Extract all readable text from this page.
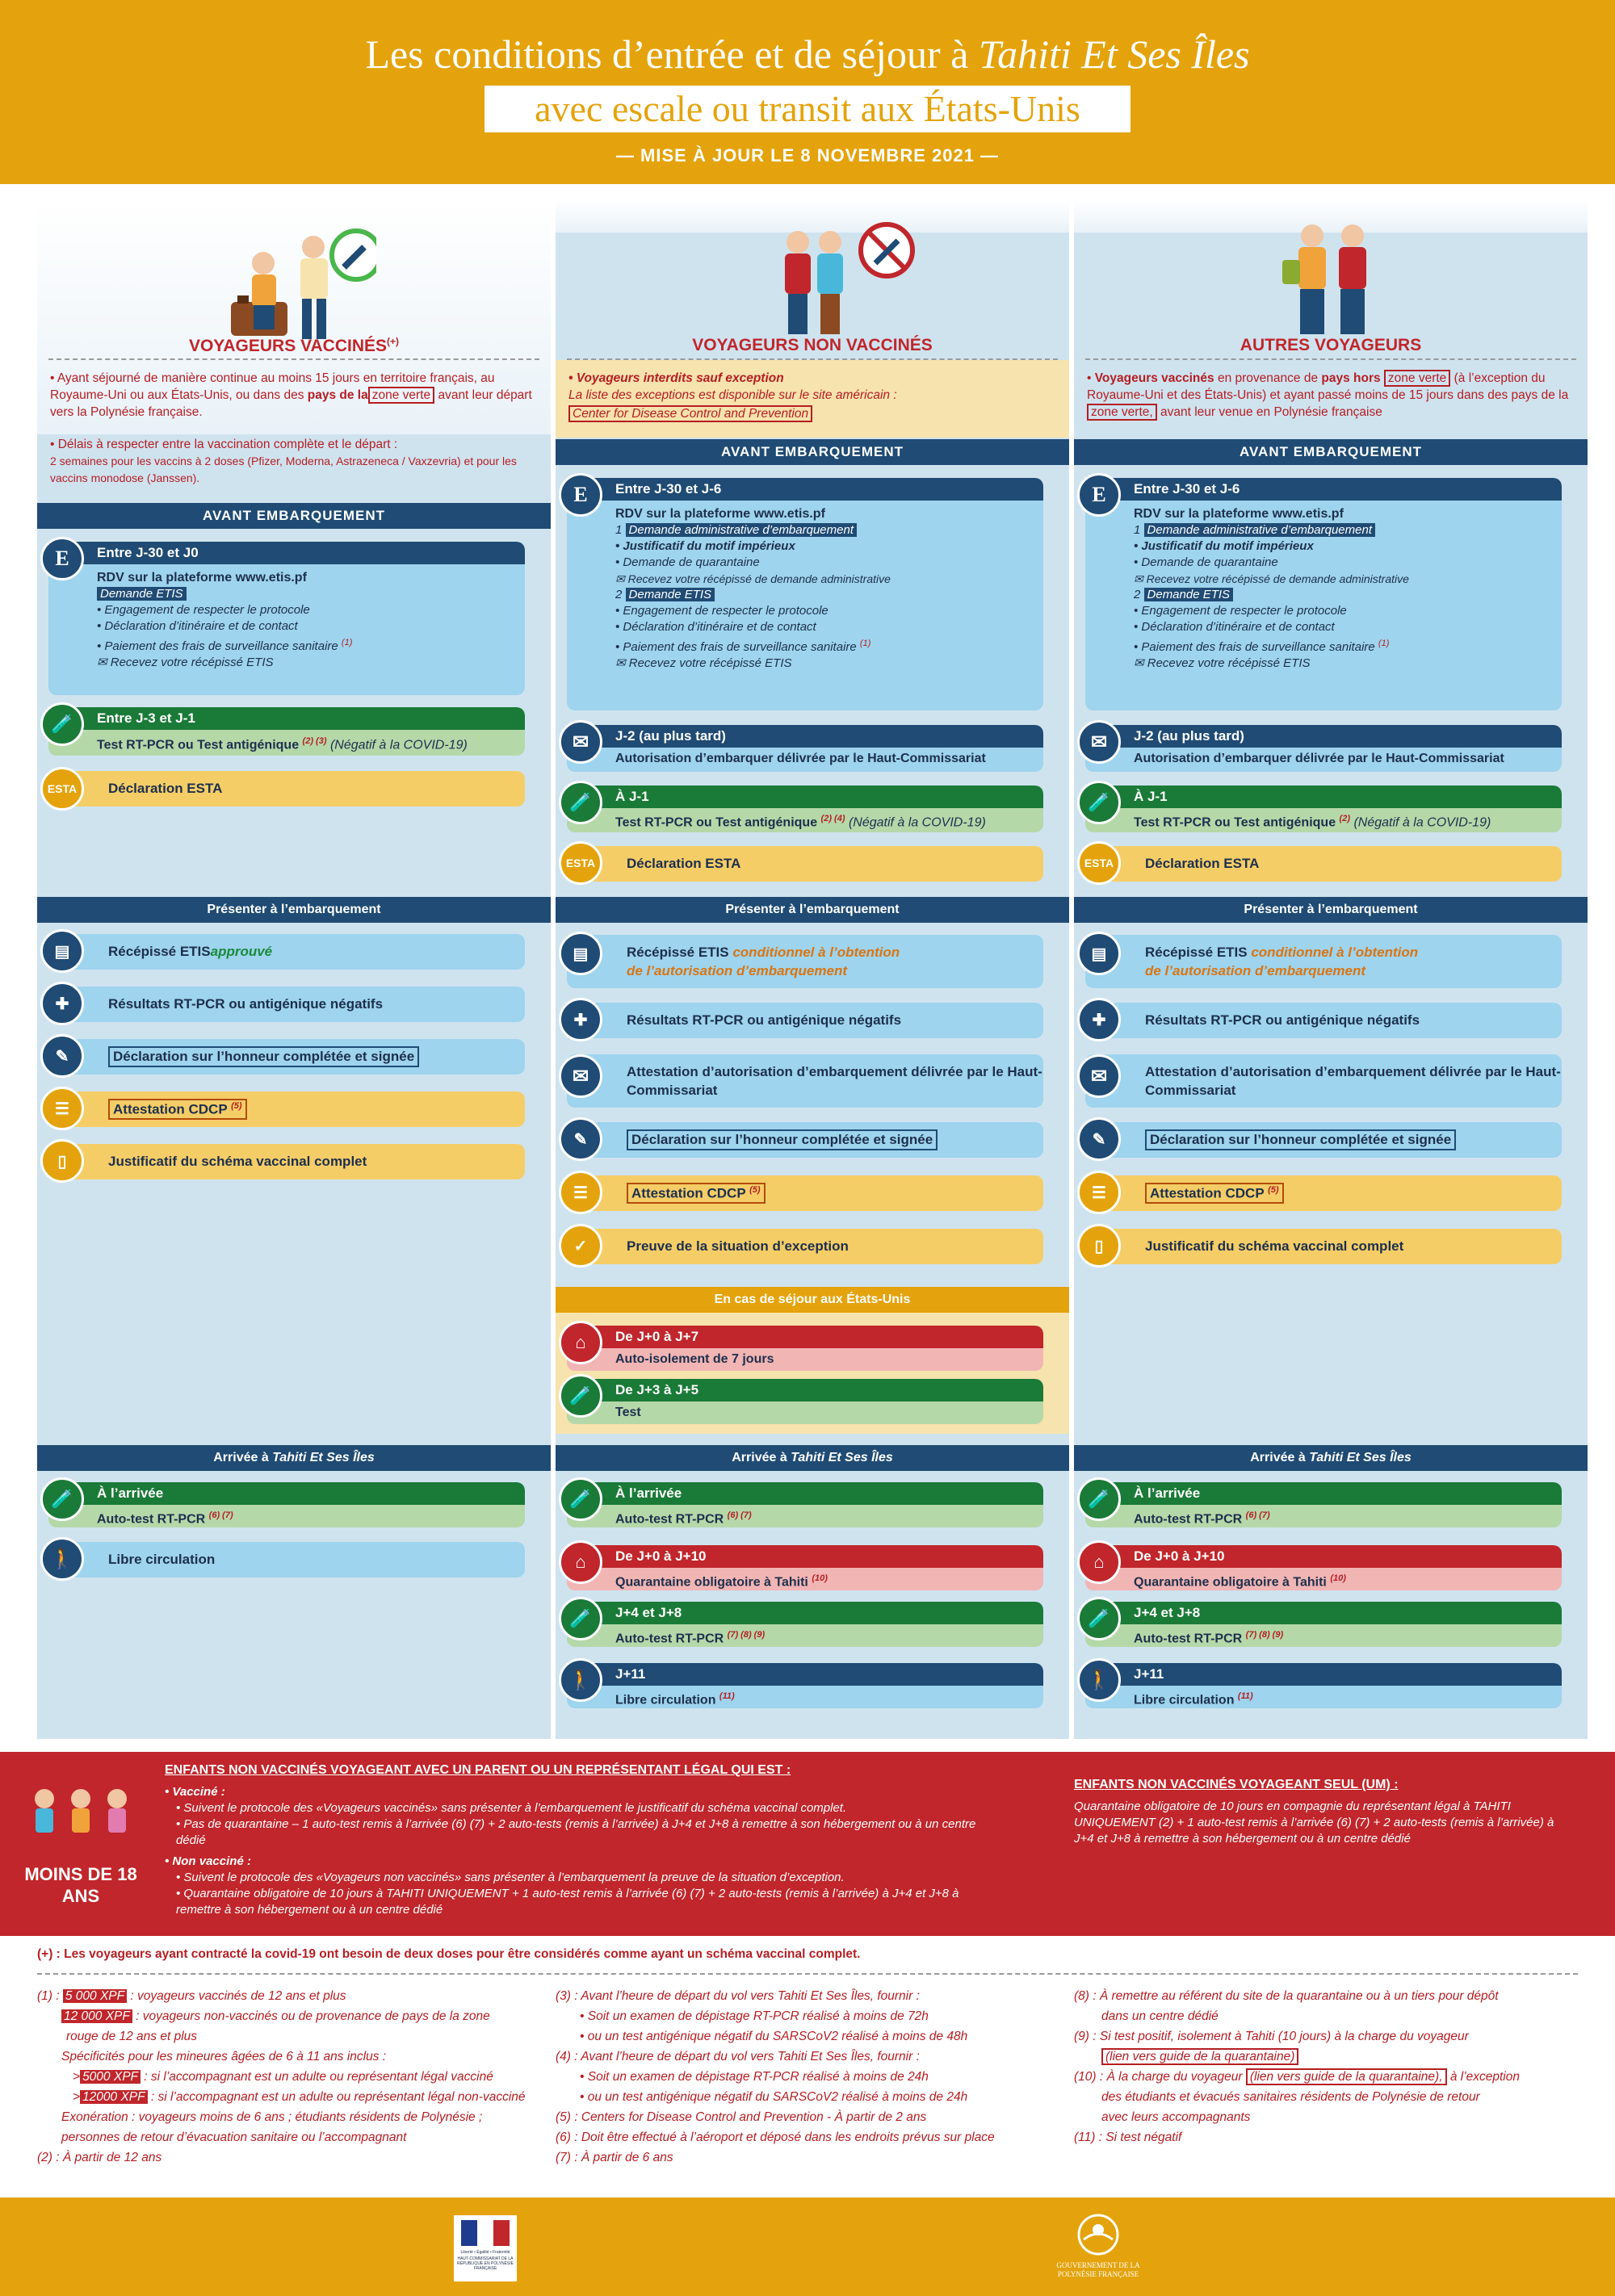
Les conditions d’entrée et de séjour à Tahiti Et Ses Îles
avec escale ou transit aux États-Unis
— MISE À JOUR LE 8 NOVEMBRE 2021 —
VOYAGEURS VACCINÉS(+)
• Ayant séjourné de manière continue au moins 15 jours en territoire français, au Royaume-Uni ou aux États-Unis, ou dans des pays de la zone verte avant leur départ vers la Polynésie française.
• Délais à respecter entre la vaccination complète et le départ :
2 semaines pour les vaccins à 2 doses (Pfizer, Moderna, Astrazeneca / Vaxzevria) et pour les vaccins monodose (Janssen).
AVANT EMBARQUEMENT
E	Entre J-30 et J0
RDV sur la plateforme www.etis.pf
Demande ETIS
• Engagement de respecter le protocole
• Déclaration d’itinéraire et de contact
• Paiement des frais de surveillance sanitaire $^{(1)}$
✉ Recevez votre récépissé ETIS
🧪	Entre J-3 et J-1
Test RT-PCR ou Test antigénique $^{(2) (3)}$ (Négatif à la COVID-19)
ESTA	Déclaration ESTA
Présenter à l’embarquement
▤	Récépissé ETIS approuvé
✚	Résultats RT-PCR ou antigénique négatifs
✎	Déclaration sur l’honneur complétée et signée
☰	Attestation CDCP $^{(5)}$
▯	Justificatif du schéma vaccinal complet
Arrivée à Tahiti Et Ses Îles
🧪	À l’arrivée
Auto-test RT-PCR $^{(6) (7)}$
🚶	Libre circulation
VOYAGEURS NON VACCINÉS
• Voyageurs interdits sauf exception
La liste des exceptions est disponible sur le site américain :
Center for Disease Control and Prevention
AVANT EMBARQUEMENT
E	Entre J-30 et J-6
RDV sur la plateforme www.etis.pf
1 Demande administrative d’embarquement
• Justificatif du motif impérieux
• Demande de quarantaine
✉ Recevez votre récépissé de demande administrative
2 Demande ETIS
• Engagement de respecter le protocole
• Déclaration d’itinéraire et de contact
• Paiement des frais de surveillance sanitaire $^{(1)}$
✉ Recevez votre récépissé ETIS
✉	J-2 (au plus tard)
Autorisation d’embarquer délivrée par le Haut-Commissariat
🧪	À J-1
Test RT-PCR ou Test antigénique $^{(2) (4)}$ (Négatif à la COVID-19)
ESTA	Déclaration ESTA
Présenter à l’embarquement
▤	Récépissé ETIS conditionnel à l’obtention
de l’autorisation d’embarquement
✚	Résultats RT-PCR ou antigénique négatifs
✉	Attestation d’autorisation d’embarquement délivrée par le Haut-Commissariat
✎	Déclaration sur l’honneur complétée et signée
☰	Attestation CDCP $^{(5)}$
✓	Preuve de la situation d’exception
En cas de séjour aux États-Unis
⌂	De J+0 à J+7
Auto-isolement de 7 jours
🧪	De J+3 à J+5
Test
Arrivée à Tahiti Et Ses Îles
🧪	À l’arrivée
Auto-test RT-PCR $^{(6) (7)}$
⌂	De J+0 à J+10
Quarantaine obligatoire à Tahiti $^{(10)}$
🧪	J+4 et J+8
Auto-test RT-PCR $^{(7) (8) (9)}$
🚶	J+11
Libre circulation $^{(11)}$
AUTRES VOYAGEURS
• Voyageurs vaccinés en provenance de pays hors zone verte (à l’exception du Royaume-Uni et des États-Unis) et ayant passé moins de 15 jours dans des pays de la zone verte, avant leur venue en Polynésie française
AVANT EMBARQUEMENT
E	Entre J-30 et J-6
RDV sur la plateforme www.etis.pf
1 Demande administrative d’embarquement
• Justificatif du motif impérieux
• Demande de quarantaine
✉ Recevez votre récépissé de demande administrative
2 Demande ETIS
• Engagement de respecter le protocole
• Déclaration d’itinéraire et de contact
• Paiement des frais de surveillance sanitaire $^{(1)}$
✉ Recevez votre récépissé ETIS
✉	J-2 (au plus tard)
Autorisation d’embarquer délivrée par le Haut-Commissariat
🧪	À J-1
Test RT-PCR ou Test antigénique $^{(2)}$ (Négatif à la COVID-19)
ESTA	Déclaration ESTA
Présenter à l’embarquement
▤	Récépissé ETIS conditionnel à l’obtention
de l’autorisation d’embarquement
✚	Résultats RT-PCR ou antigénique négatifs
✉	Attestation d’autorisation d’embarquement délivrée par le Haut-Commissariat
✎	Déclaration sur l’honneur complétée et signée
☰	Attestation CDCP $^{(5)}$
▯	Justificatif du schéma vaccinal complet
Arrivée à Tahiti Et Ses Îles
🧪	À l’arrivée
Auto-test RT-PCR $^{(6) (7)}$
⌂	De J+0 à J+10
Quarantaine obligatoire à Tahiti $^{(10)}$
🧪	J+4 et J+8
Auto-test RT-PCR $^{(7) (8) (9)}$
🚶	J+11
Libre circulation $^{(11)}$
MOINS DE 18 ANS
ENFANTS NON VACCINÉS VOYAGEANT AVEC UN PARENT OU UN REPRÉSENTANT LÉGAL QUI EST :

• Vacciné :

• Suivent le protocole des «Voyageurs vaccinés» sans présenter à l’embarquement le justificatif du schéma vaccinal complet.

• Pas de quarantaine – 1 auto-test remis à l’arrivée (6) (7) + 2 auto-tests (remis à l’arrivée) à J+4 et J+8 à remettre à son hébergement ou à un centre dédié

• Non vacciné :

• Suivent le protocole des «Voyageurs non vaccinés» sans présenter à l’embarquement la preuve de la situation d’exception.

• Quarantaine obligatoire de 10 jours à TAHITI UNIQUEMENT + 1 auto-test remis à l’arrivée (6) (7) + 2 auto-tests (remis à l’arrivée) à J+4 et J+8 à remettre à son hébergement ou à un centre dédié

ENFANTS NON VACCINÉS VOYAGEANT SEUL (UM) :

Quarantaine obligatoire de 10 jours en compagnie du représentant légal à TAHITI UNIQUEMENT (2) + 1 auto-test remis à l’arrivée (6) (7) + 2 auto-tests (remis à l’arrivée) à J+4 et J+8 à remettre à son hébergement ou à un centre dédié

(+) : Les voyageurs ayant contracté la covid-19 ont besoin de deux doses pour être considérés comme ayant un schéma vaccinal complet.
(1) : 5 000 XPF : voyageurs vaccinés de 12 ans et plus
12 000 XPF : voyageurs non-vaccinés ou de provenance de pays de la zone
rouge de 12 ans et plus
Spécificités pour les mineures âgées de 6 à 11 ans inclus :
> 5000 XPF : si l’accompagnant est un adulte ou représentant légal vacciné
> 12000 XPF : si l’accompagnant est un adulte ou représentant légal non-vacciné
Exonération : voyageurs moins de 6 ans ; étudiants résidents de Polynésie ;
personnes de retour d’évacuation sanitaire ou l’accompagnant
(2) : À partir de 12 ans
(3) : Avant l’heure de départ du vol vers Tahiti Et Ses Îles, fournir :
• Soit un examen de dépistage RT-PCR réalisé à moins de 72h
• ou un test antigénique négatif du SARSCoV2 réalisé à moins de 48h
(4) : Avant l’heure de départ du vol vers Tahiti Et Ses Îles, fournir :
• Soit un examen de dépistage RT-PCR réalisé à moins de 24h
• ou un test antigénique négatif du SARSCoV2 réalisé à moins de 24h
(5) : Centers for Disease Control and Prevention - À partir de 2 ans
(6) : Doit être effectué à l’aéroport et déposé dans les endroits prévus sur place
(7) : À partir de 6 ans
(8) : À remettre au référent du site de la quarantaine ou à un tiers pour dépôt
dans un centre dédié
(9) : Si test positif, isolement à Tahiti (10 jours) à la charge du voyageur
(lien vers guide de la quarantaine)
(10) : À la charge du voyageur (lien vers guide de la quarantaine), à l’exception
des étudiants et évacués sanitaires résidents de Polynésie de retour
avec leurs accompagnants
(11) : Si test négatif
Liberté • Égalité • Fraternité
HAUT-COMMISSARIAT DE LA RÉPUBLIQUE EN POLYNÉSIE FRANÇAISE	GOUVERNEMENT DE LA
POLYNÉSIE FRANÇAISE
